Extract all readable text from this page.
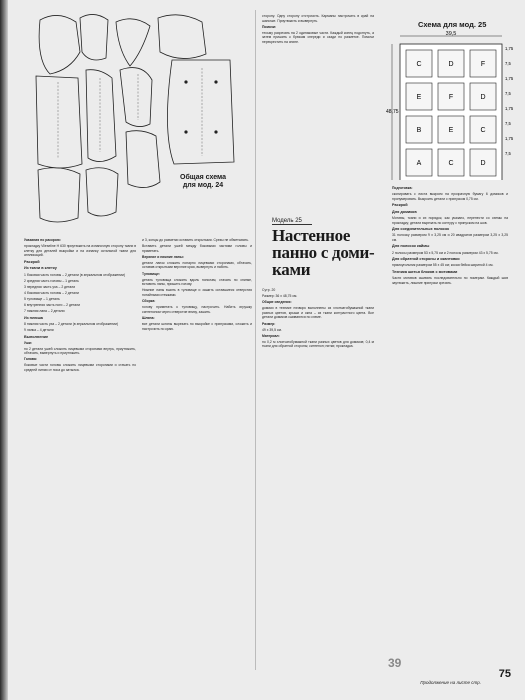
Общая схема
для мод. 24

Указания по раскрою:

прокладку Vlieseline H 630 приутюжить на изнаночную сторону ткани в клетку для деталей выкройки и на изнанку остальной ткани для аппликаций.

Раскрой

Из ткани в клетку

1 боковая часть головы – 2 детали (в зеркальном отображении)

2 средняя часть головы – 1 деталь

3 передняя часть уха – 2 детали

4 боковая часть головы – 2 детали

5 туловище – 1 деталь

6 внутренняя часть ноги – 2 детали

7 нижняя лапа – 2 детали

Из плюша

8 нижняя часть уха – 2 детали (в зеркальном отображении)

9 лапка – 4 детали

Выполнение

Уши:

по 2 детали ушей сложить лицевыми сторонами внутрь, приутюжить, обтачать, вывернуть и приутюжить.

Голова:

боковые части головы сложить лицевыми сторонами и стачать по средней линии от носа до затылка.

и 3, концы до разметки оставить открытыми. Срезы не обметывать.

Вставить детали ушей между боковыми частями головы и приметать.

Верхние и нижние лапы:

детали лапок сложить попарно лицевыми сторонами, обтачать, оставив открытыми верхние края, вывернуть и набить.

Туловище:

деталь туловища сложить вдоль пополам, стачать по спинке, вставить лапы, пришить голову.

Нижние лапы вшить в туловище и зашить оставшиеся отверстия потайными стежками.

Сборка:

голову приметать к туловищу, настрочить. Набить игрушку синтепоном через отверстие внизу, зашить.

Шляпа:

все детали шляпы вырезать по выкройке с припусками, сложить и настрочить по краю.

сторону. Одну сторону отстрочить. Карманы настрочить в край на шапочке. Приутюжить и вывернуть.

Помочи:

тесьму разрезать на 2 одинаковые части. Каждый конец подогнуть, а затем пришить к брюкам спереди и сзади по разметке. Помочи перекрестить на спине.

Модель 25
Настенное панно с доми-ками

Сутр. 20

Размер: 36 х 48,75 см.

Общие сведения:

домики в технике пэчворк выполнены из хлопчатобумажной ткани разных цветов, крыши и окна – из ткани контрастного цвета. Все детали домиков сшиваются по схеме.

Размер:

49 х 39,5 см.

Материал:

по 0,2 м хлопчатобумажной ткани разных цветов для домиков; 0,4 м ткани для обратной стороны; синтепон; нитки; прокладка.

Схема для мод. 25
C	D	F
E	F	D
B	E	C
A	C	D
39,5
48,75
1,75
7,5
1,75
7,5
1,75
7,5
1,75
7,5

Подготовка:

скопировать с листа выкроек на прозрачную бумагу 6 домиков и пронумеровать. Выкроить детали с припуском 0,75 см.

Раскрой

Для домиков

Мотивы, ткани и их порядок, как указано, перенести со схемы на прокладку; детали вырезать по контуру с припуском на шов.

Для соединительных полосок

31 полоску размером 9 х 3,25 см и 20 квадратов размером 3,25 х 3,25 см.

Для полосок каймы

2 полосы размером 53 х 5,75 см и 2 полосы размером 43 х 5,75 см.

Для обратной стороны и окантовки

прямоугольник размером 55 х 45 см; косая бейка шириной 4 см.

Техника шитья блоков с мотивами

Части мотивов сшивать последовательно по номерам. Каждый шов заутюжить, лишние припуски срезать.

39
Продолжение на листе стр.
75
